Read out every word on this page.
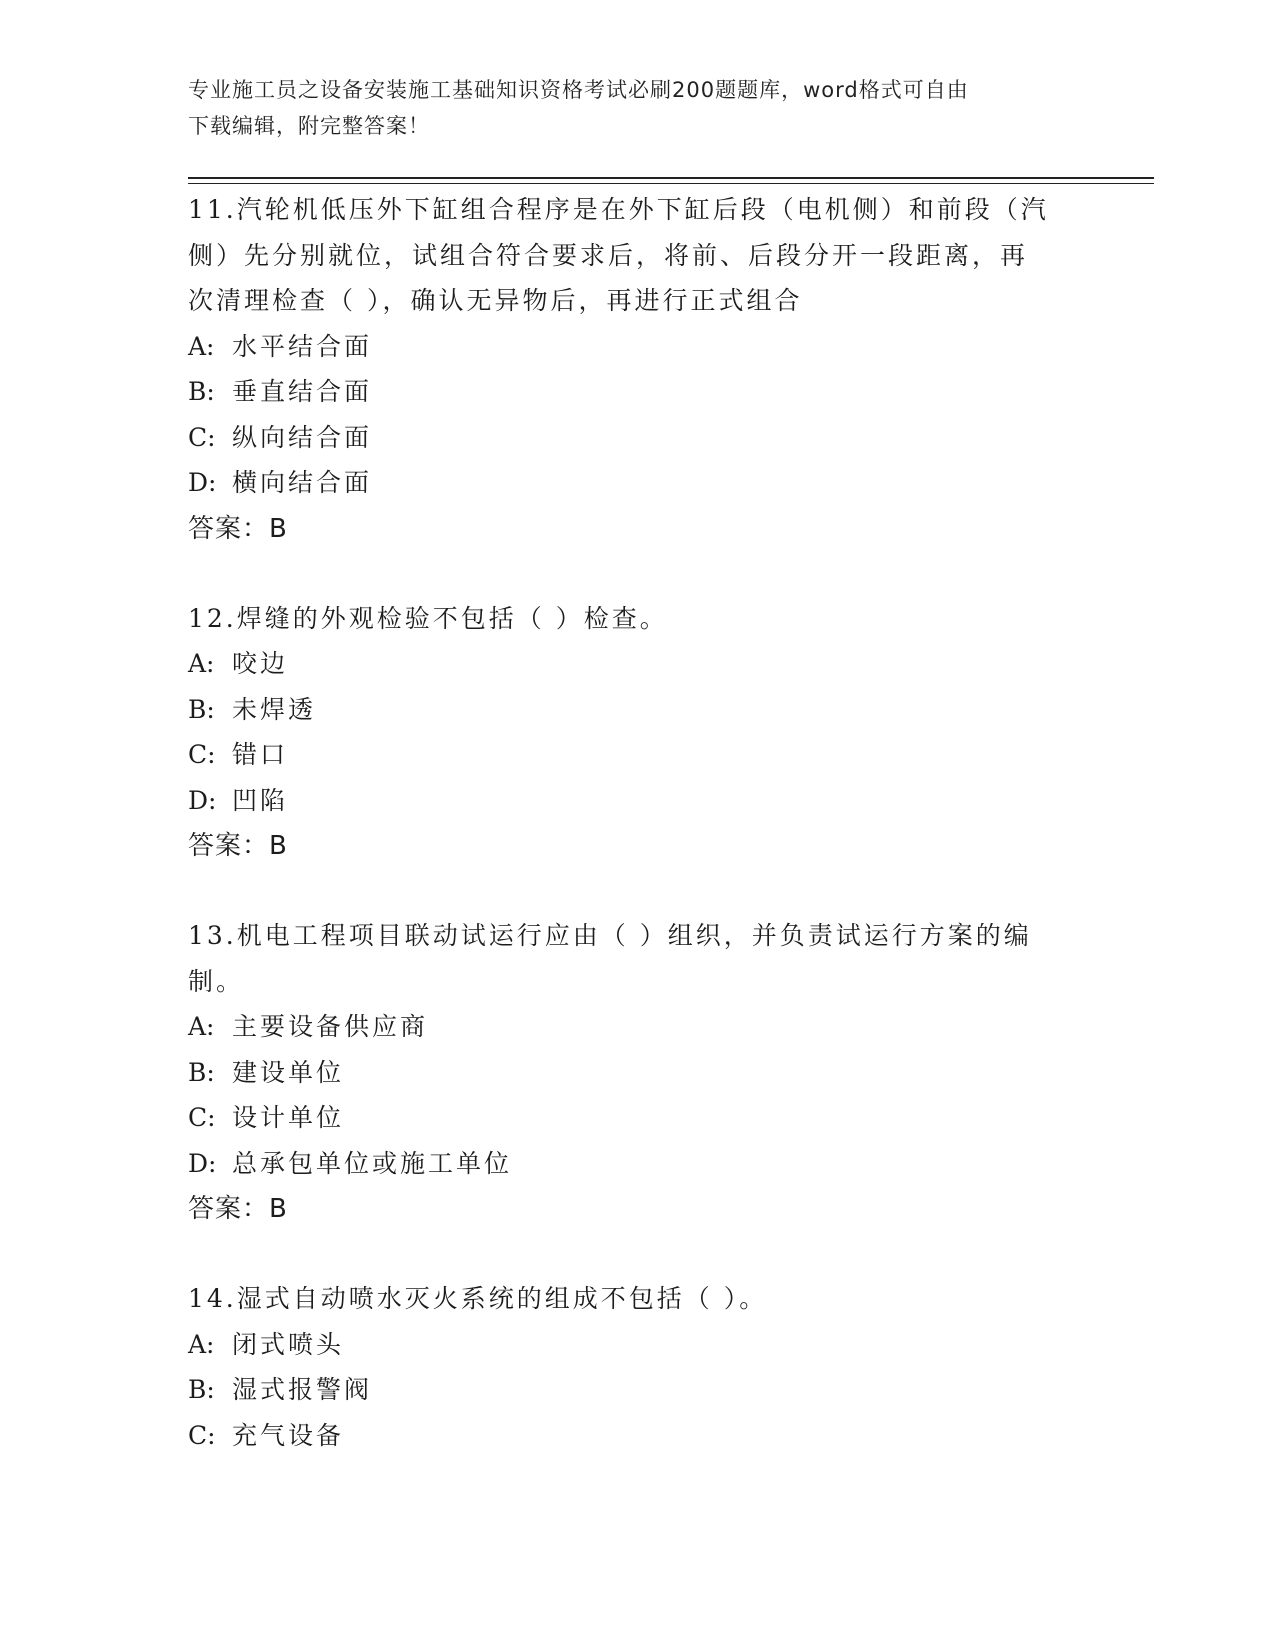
专业施工员之设备安装施工基础知识资格考试必刷200题题库，word格式可自由
下载编辑，附完整答案！
11.汽轮机低压外下缸组合程序是在外下缸后段（电机侧）和前段（汽
侧）先分别就位，试组合符合要求后，将前、后段分开一段距离，再
次清理检查（ ），确认无异物后，再进行正式组合
A: 水平结合面
B: 垂直结合面
C: 纵向结合面
D: 横向结合面
答案：B
12.焊缝的外观检验不包括（ ）检查。
A: 咬边
B: 未焊透
C: 错口
D: 凹陷
答案：B
13.机电工程项目联动试运行应由（ ）组织，并负责试运行方案的编
制。
A: 主要设备供应商
B: 建设单位
C: 设计单位
D: 总承包单位或施工单位
答案：B
14.湿式自动喷水灭火系统的组成不包括（ ）。
A: 闭式喷头
B: 湿式报警阀
C: 充气设备
